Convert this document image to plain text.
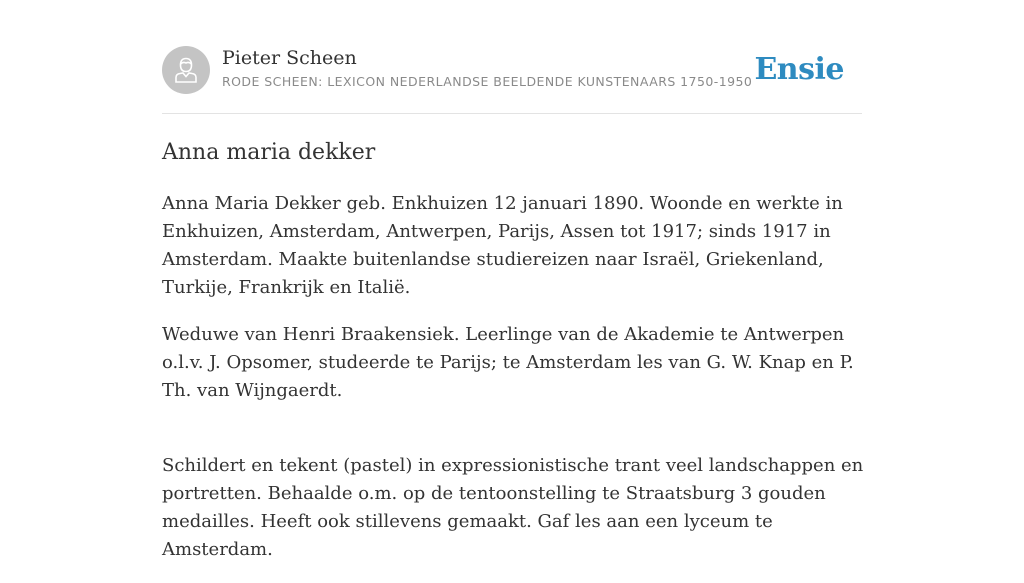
Pieter Scheen
RODE SCHEEN: LEXICON NEDERLANDSE BEELDENDE KUNSTENAARS 1750-1950 Ensie
Anna maria dekker

Anna Maria Dekker geb. Enkhuizen 12 januari 1890. Woonde en werkte in Enkhuizen, Amsterdam, Antwerpen, Parijs, Assen tot 1917; sinds 1917 in Amsterdam. Maakte buitenlandse studiereizen naar Israël, Griekenland, Turkije, Frankrijk en Italië.

Weduwe van Henri Braakensiek. Leerlinge van de Akademie te Antwerpen o.l.v. J. Opsomer, studeerde te Parijs; te Amsterdam les van G. W. Knap en P. Th. van Wijngaerdt.

Schildert en tekent (pastel) in expressionistische trant veel landschappen en portretten. Behaalde o.m. op de tentoonstelling te Straatsburg 3 gouden medailles. Heeft ook stillevens gemaakt. Gaf les aan een lyceum te Amsterdam.
